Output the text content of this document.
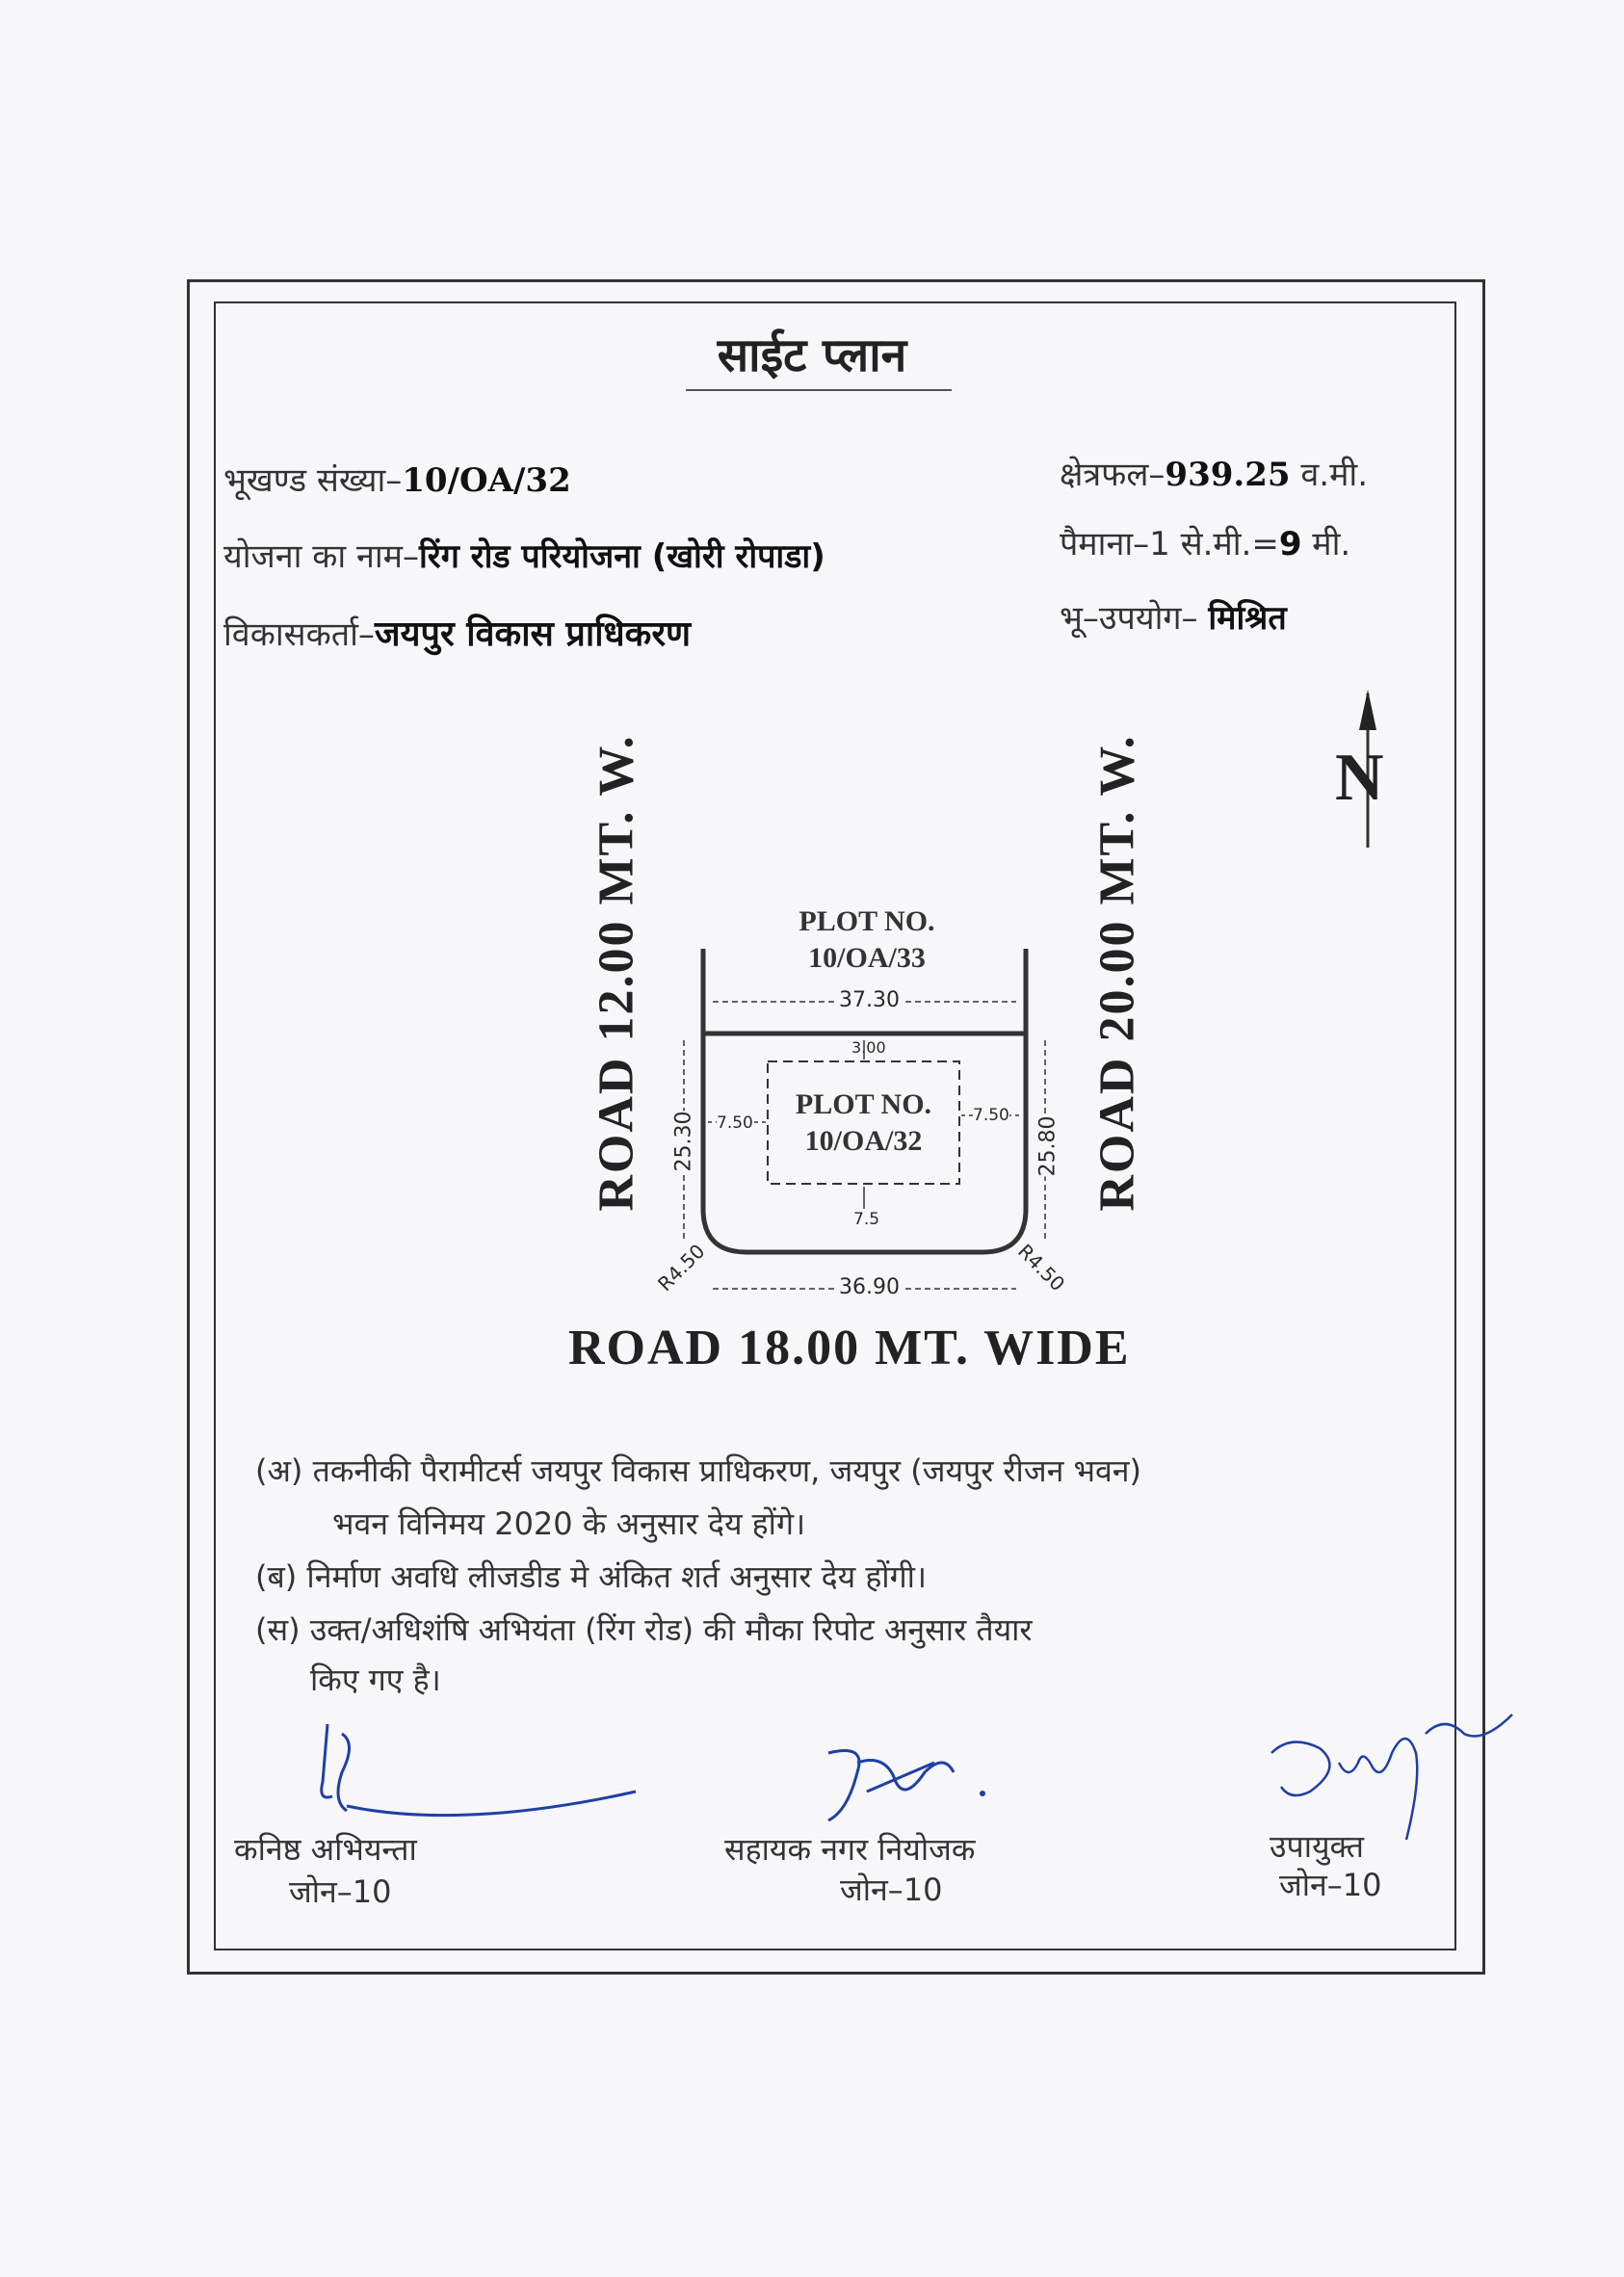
साईट प्लान
भूखण्ड संख्या–10/OA/32
योजना का नाम–रिंग रोड परियोजना (खोरी रोपाडा)
विकासकर्ता–जयपुर विकास प्राधिकरण
क्षेत्रफल–939.25 व.मी.
पैमाना–1 से.मी.=9 मी.
भू–उपयोग– मिश्रित
N
ROAD 12.00 MT. W.	ROAD 20.00 MT. W.
ROAD 18.00 MT. WIDE
PLOT NO.
10/OA/33
PLOT NO.
10/OA/32
37.30
36.90
25.30	25.80
3.00
7.50	7.50
7.5
R4.50	R4.50
(अ) तकनीकी पैरामीटर्स जयपुर विकास प्राधिकरण, जयपुर (जयपुर रीजन भवन)
भवन विनिमय 2020 के अनुसार देय होंगे।
(ब) निर्माण अवधि लीजडीड मे अंकित शर्त अनुसार देय होंगी।
(स) उक्त/अधिशंषि अभियंता (रिंग रोड) की मौका रिपोट अनुसार तैयार
किए गए है।
कनिष्ठ अभियन्ता
जोन–10
सहायक नगर नियोजक
जोन–10
उपायुक्त
जोन–10
